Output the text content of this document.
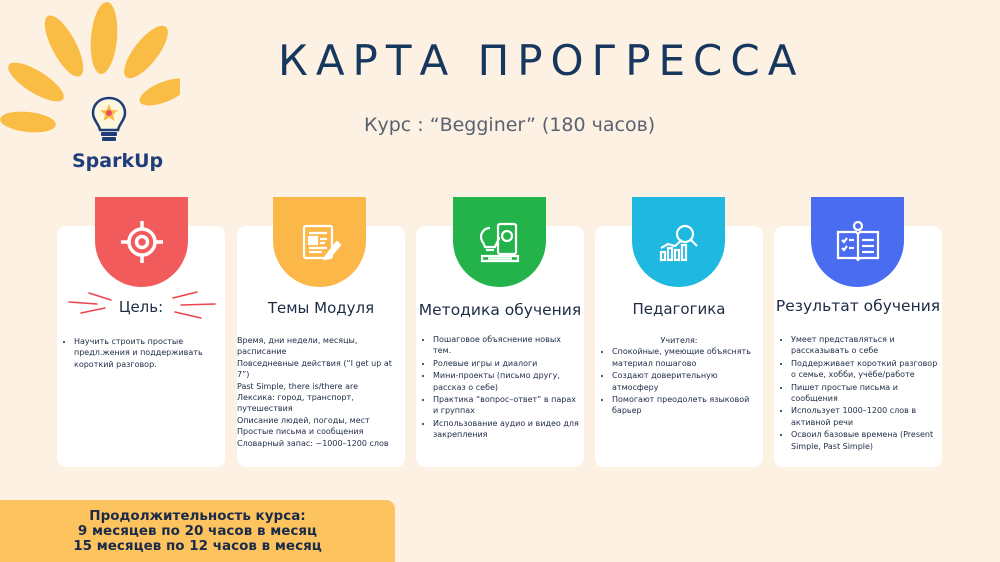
SparkUp
КАРТА ПРОГРЕССА
Курс : “Begginer” (180 часов)
Цель:
• Научить строить простые предл.жения и поддерживать короткий разговор.
Темы Модуля
Время, дни недели, месяцы, расписание
Повседневные действия (“I get up at 7”)
Past Simple, there is/there are
Лексика: город, транспорт, путешествия
Описание людей, погоды, мест
Простые письма и сообщения
Словарный запас: ~1000–1200 слов
Методика обучения
• Пошаговое объяснение новых тем.
• Ролевые игры и диалоги
• Мини-проекты (письмо другу, рассказ о себе)
• Практика “вопрос–ответ” в парах и группах
• Использование аудио и видео для закрепления
Педагогика
Учителя:
• Спокойные, умеющие объяснять материал пошагово
• Создают доверительную атмосферу
• Помогают преодолеть языковой барьер
Результат обучения
• Умеет представляться и рассказывать о себе
• Поддерживает короткий разговор о семье, хобби, учёбе/работе
• Пишет простые письма и сообщения
• Использует 1000–1200 слов в активной речи
• Освоил базовые времена (Present Simple, Past Simple)
Продолжительность курса:
9 месяцев по 20 часов в месяц
15 месяцев по 12 часов в месяц
